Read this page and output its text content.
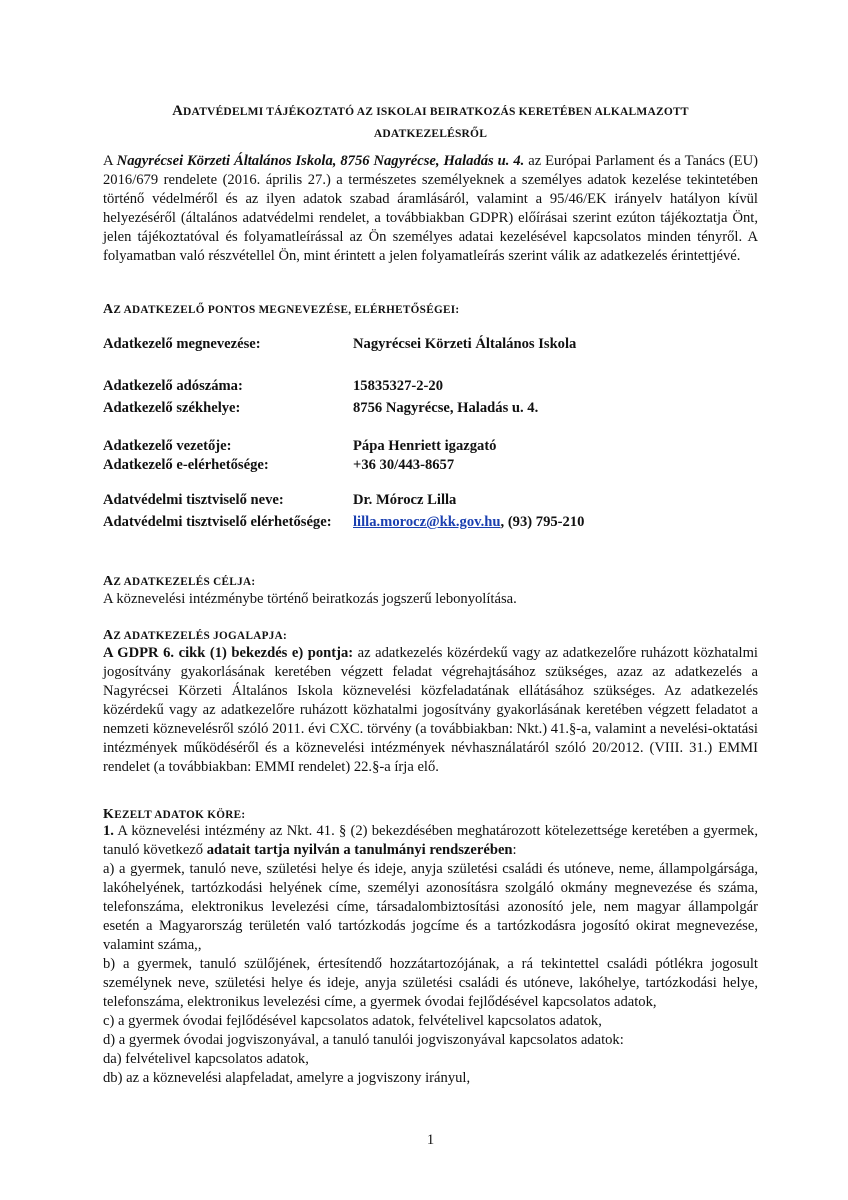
ADATVÉDELMI TÁJÉKOZTATÓ AZ ISKOLAI BEIRATKOZÁS KERETÉBEN ALKALMAZOTT
ADATKEZELÉSRŐL
A Nagyrécsei Körzeti Általános Iskola, 8756 Nagyrécse, Haladás u. 4. az Európai Parlament és a Tanács (EU) 2016/679 rendelete (2016. április 27.) a természetes személyeknek a személyes adatok kezelése tekintetében történő védelméről és az ilyen adatok szabad áramlásáról, valamint a 95/46/EK irányelv hatályon kívül helyezéséről (általános adatvédelmi rendelet, a továbbiakban GDPR) előírásai szerint ezúton tájékoztatja Önt, jelen tájékoztatóval és folyamatleírással az Ön személyes adatai kezelésével kapcsolatos minden tényről. A folyamatban való részvétellel Ön, mint érintett a jelen folyamatleírás szerint válik az adatkezelés érintettjévé.
AZ ADATKEZELŐ PONTOS MEGNEVEZÉSE, ELÉRHETŐSÉGEI:
Adatkezelő megnevezése:	Nagyrécsei Körzeti Általános Iskola
Adatkezelő adószáma:	15835327-2-20
Adatkezelő székhelye:	8756 Nagyrécse, Haladás u. 4.
Adatkezelő vezetője:	Pápa Henriett igazgató
Adatkezelő e-elérhetősége:	+36 30/443-8657
Adatvédelmi tisztviselő neve:	Dr. Mórocz Lilla
Adatvédelmi tisztviselő elérhetősége: lilla.morocz@kk.gov.hu, (93) 795-210
AZ ADATKEZELÉS CÉLJA:
A köznevelési intézménybe történő beiratkozás jogszerű lebonyolítása.
AZ ADATKEZELÉS JOGALAPJA:
A GDPR 6. cikk (1) bekezdés e) pontja: az adatkezelés közérdekű vagy az adatkezelőre ruházott közhatalmi jogosítvány gyakorlásának keretében végzett feladat végrehajtásához szükséges, azaz az adatkezelés a Nagyrécsei Körzeti Általános Iskola köznevelési közfeladatának ellátásához szükséges. Az adatkezelés közérdekű vagy az adatkezelőre ruházott közhatalmi jogosítvány gyakorlásának keretében végzett feladatot a nemzeti köznevelésről szóló 2011. évi CXC. törvény (a továbbiakban: Nkt.) 41.§-a, valamint a nevelési-oktatási intézmények működéséről és a köznevelési intézmények névhasználatáról szóló 20/2012. (VIII. 31.) EMMI rendelet (a továbbiakban: EMMI rendelet) 22.§-a írja elő.
KEZELT ADATOK KÖRE:
1. A köznevelési intézmény az Nkt. 41. § (2) bekezdésében meghatározott kötelezettsége keretében a gyermek, tanuló következő adatait tartja nyilván a tanulmányi rendszerében:
a) a gyermek, tanuló neve, születési helye és ideje, anyja születési családi és utóneve, neme, állampolgársága, lakóhelyének, tartózkodási helyének címe, személyi azonosításra szolgáló okmány megnevezése és száma, telefonszáma, elektronikus levelezési címe, társadalombiztosítási azonosító jele, nem magyar állampolgár esetén a Magyarország területén való tartózkodás jogcíme és a tartózkodásra jogosító okirat megnevezése, valamint száma,,
b) a gyermek, tanuló szülőjének, értesítendő hozzátartozójának, a rá tekintettel családi pótlékra jogosult személynek neve, születési helye és ideje, anyja születési családi és utóneve, lakóhelye, tartózkodási helye, telefonszáma, elektronikus levelezési címe, a gyermek óvodai fejlődésével kapcsolatos adatok,
c) a gyermek óvodai fejlődésével kapcsolatos adatok, felvételivel kapcsolatos adatok,
d) a gyermek óvodai jogviszonyával, a tanuló tanulói jogviszonyával kapcsolatos adatok:
da) felvételivel kapcsolatos adatok,
db) az a köznevelési alapfeladat, amelyre a jogviszony irányul,
1
